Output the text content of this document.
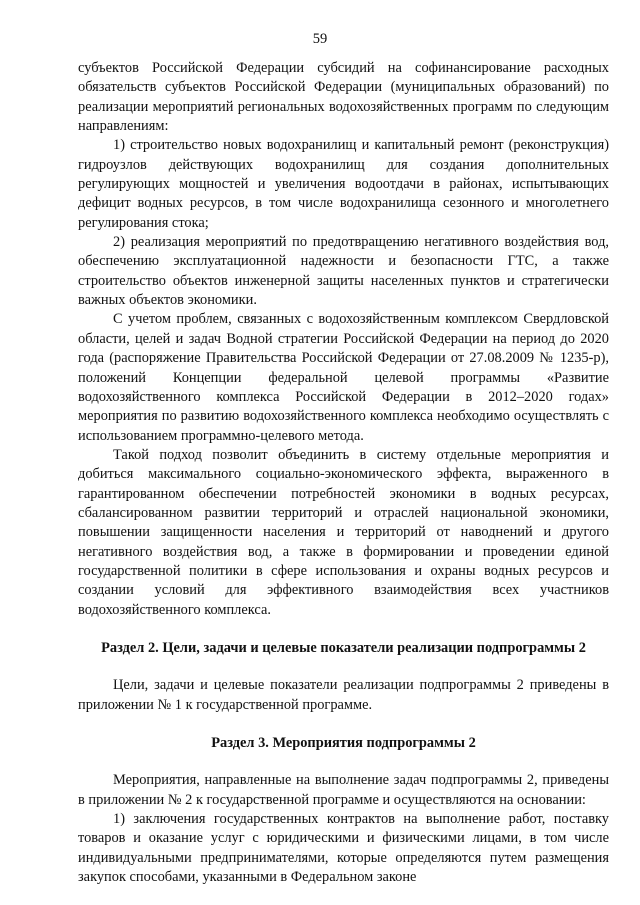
59

субъектов Российской Федерации субсидий на софинансирование расходных обязательств субъектов Российской Федерации (муниципальных образований) по реализации мероприятий региональных водохозяйственных программ по следующим направлениям:

1) строительство новых водохранилищ и капитальный ремонт (реконструкция) гидроузлов действующих водохранилищ для создания дополнительных регулирующих мощностей и увеличения водоотдачи в районах, испытывающих дефицит водных ресурсов, в том числе водохранилища сезонного и многолетнего регулирования стока;

2) реализация мероприятий по предотвращению негативного воздействия вод, обеспечению эксплуатационной надежности и безопасности ГТС, а также строительство объектов инженерной защиты населенных пунктов и стратегически важных объектов экономики.

С учетом проблем, связанных с водохозяйственным комплексом Свердловской области, целей и задач Водной стратегии Российской Федерации на период до 2020 года (распоряжение Правительства Российской Федерации от 27.08.2009 № 1235-р), положений Концепции федеральной целевой программы «Развитие водохозяйственного комплекса Российской Федерации в 2012–2020 годах» мероприятия по развитию водохозяйственного комплекса необходимо осуществлять с использованием программно-целевого метода.

Такой подход позволит объединить в систему отдельные мероприятия и добиться максимального социально-экономического эффекта, выраженного в гарантированном обеспечении потребностей экономики в водных ресурсах, сбалансированном развитии территорий и отраслей национальной экономики, повышении защищенности населения и территорий от наводнений и другого негативного воздействия вод, а также в формировании и проведении единой государственной политики в сфере использования и охраны водных ресурсов и создании условий для эффективного взаимодействия всех участников водохозяйственного комплекса.

Раздел 2. Цели, задачи и целевые показатели реализации подпрограммы 2

Цели, задачи и целевые показатели реализации подпрограммы 2 приведены в приложении № 1 к государственной программе.

Раздел 3. Мероприятия подпрограммы 2

Мероприятия, направленные на выполнение задач подпрограммы 2, приведены в приложении № 2 к государственной программе и осуществляются на основании:

1) заключения государственных контрактов на выполнение работ, поставку товаров и оказание услуг с юридическими и физическими лицами, в том числе индивидуальными предпринимателями, которые определяются путем размещения закупок способами, указанными в Федеральном законе
